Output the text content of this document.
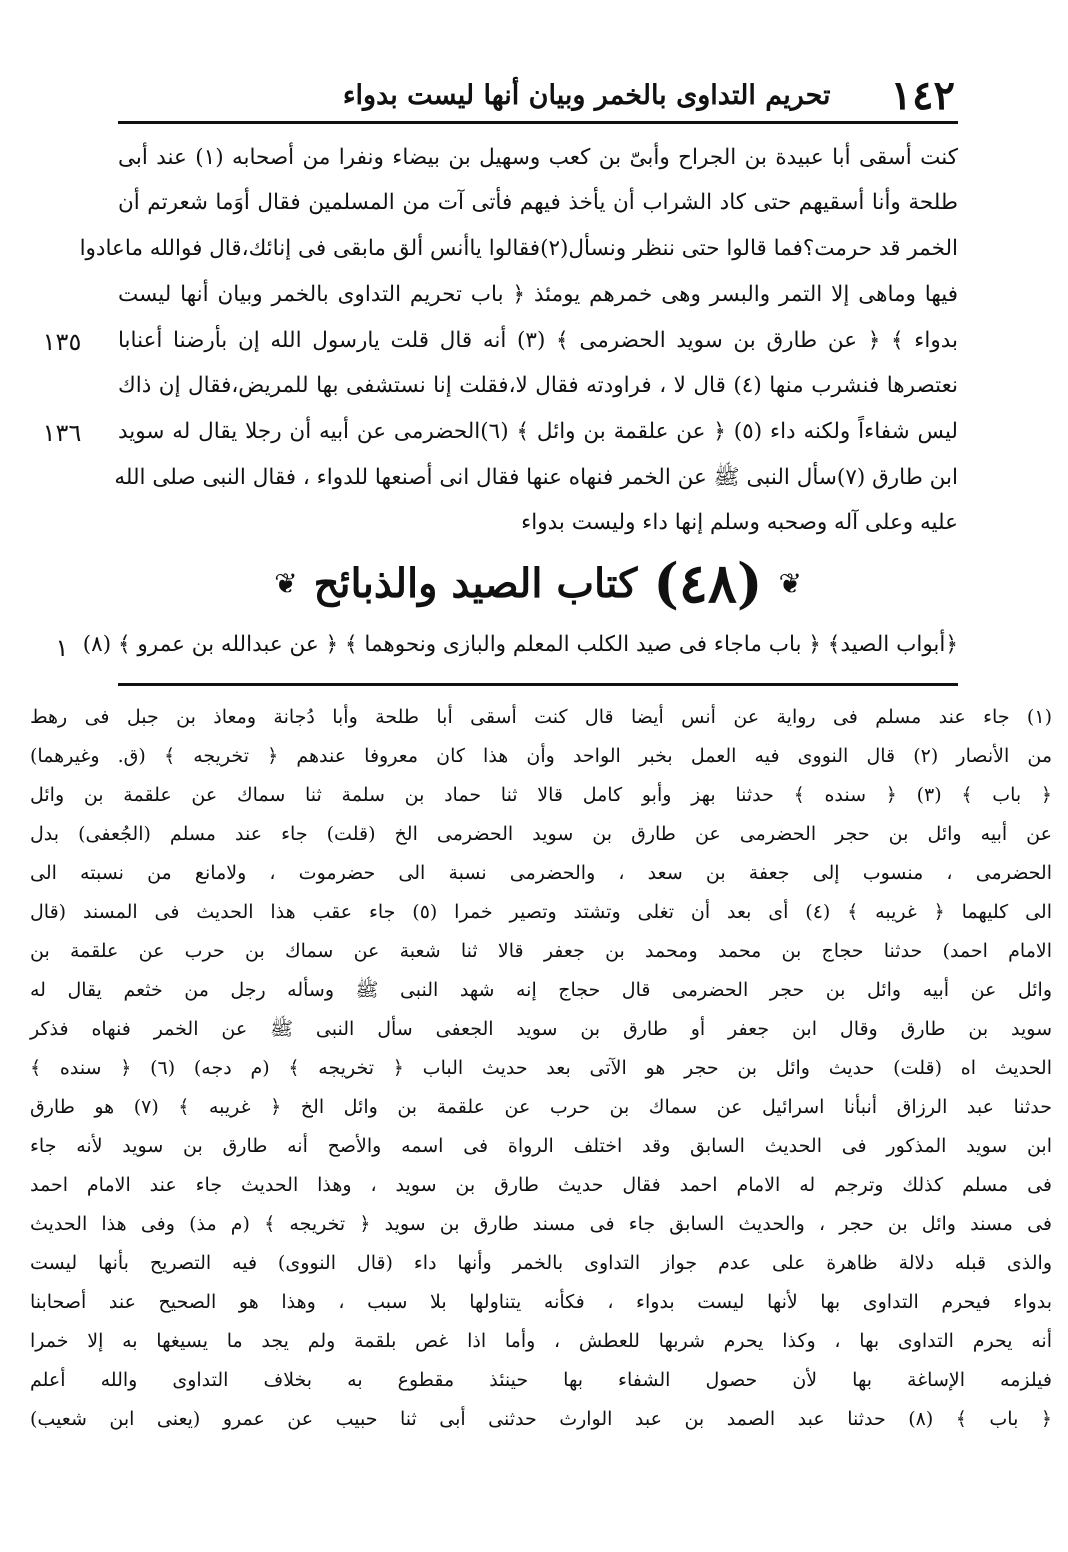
١٤٢
تحريم التداوى بالخمر وبيان أنها ليست بدواء
كنت أسقى أبا عبيدة بن الجراح وأبىّ بن كعب وسهيل بن بيضاء ونفرا من أصحابه (١) عند أبى
طلحة وأنا أسقيهم حتى كاد الشراب أن يأخذ فيهم فأتى آت من المسلمين فقال أوَما شعرتم أن
الخمر قد حرمت؟فما قالوا حتى ننظر ونسأل(٢)فقالوا ياأنس ألق مابقى فى إنائك،قال فوالله ماعادوا
فيها وماهى إلا التمر والبسر وهى خمرهم يومئذ ﴿ باب تحريم التداوى بالخمر وبيان أنها ليست
بدواء ﴾ ﴿ عن طارق بن سويد الحضرمى ﴾ (٣) أنه قال قلت يارسول الله إن بأرضنا أعنابا
نعتصرها فنشرب منها (٤) قال لا ، فراودته فقال لا،فقلت إنا نستشفى بها للمريض،فقال إن ذاك
ليس شفاءاً ولكنه داء (٥) ﴿ عن علقمة بن وائل ﴾ (٦)الحضرمى عن أبيه أن رجلا يقال له سويد
ابن طارق (٧)سأل النبى ﷺ عن الخمر فنهاه عنها فقال انى أصنعها للدواء ، فقال النبى صلى الله
عليه وعلى آله وصحبه وسلم إنها داء وليست بدواء
١٣٥
١٣٦
١
❦
(٤٨)
كتاب الصيد والذبائح
❦
﴿أبواب الصيد﴾ ﴿ باب ماجاء فى صيد الكلب المعلم والبازى ونحوهما ﴾ ﴿ عن عبدالله بن عمرو ﴾ (٨)
(١) جاء عند مسلم فى رواية عن أنس أيضا قال كنت أسقى أبا طلحة وأبا دُجانة ومعاذ بن جبل فى رهط
من الأنصار (٢) قال النووى فيه العمل بخبر الواحد وأن هذا كان معروفا عندهم ﴿ تخريجه ﴾ (ق. وغيرهما)
﴿ باب ﴾ (٣) ﴿ سنده ﴾ حدثنا بهز وأبو كامل قالا ثنا حماد بن سلمة ثنا سماك عن علقمة بن وائل
عن أبيه وائل بن حجر الحضرمى عن طارق بن سويد الحضرمى الخ (قلت) جاء عند مسلم (الجُعفى) بدل
الحضرمى ، منسوب إلى جعفة بن سعد ، والحضرمى نسبة الى حضرموت ، ولامانع من نسبته الى
الى كليهما ﴿ غريبه ﴾ (٤) أى بعد أن تغلى وتشتد وتصير خمرا (٥) جاء عقب هذا الحديث فى المسند (قال
الامام احمد) حدثنا حجاج بن محمد ومحمد بن جعفر قالا ثنا شعبة عن سماك بن حرب عن علقمة بن
وائل عن أبيه وائل بن حجر الحضرمى قال حجاج إنه شهد النبى ﷺ وسأله رجل من خثعم يقال له
سويد بن طارق وقال ابن جعفر أو طارق بن سويد الجعفى سأل النبى ﷺ عن الخمر فنهاه فذكر
الحديث اه (قلت) حديث وائل بن حجر هو الآتى بعد حديث الباب ﴿ تخريجه ﴾ (م دجه) (٦) ﴿ سنده ﴾
حدثنا عبد الرزاق أنبأنا اسرائيل عن سماك بن حرب عن علقمة بن وائل الخ ﴿ غريبه ﴾ (٧) هو طارق
ابن سويد المذكور فى الحديث السابق وقد اختلف الرواة فى اسمه والأصح أنه طارق بن سويد لأنه جاء
فى مسلم كذلك وترجم له الامام احمد فقال حديث طارق بن سويد ، وهذا الحديث جاء عند الامام احمد
فى مسند وائل بن حجر ، والحديث السابق جاء فى مسند طارق بن سويد ﴿ تخريجه ﴾ (م مذ) وفى هذا الحديث
والذى قبله دلالة ظاهرة على عدم جواز التداوى بالخمر وأنها داء (قال النووى) فيه التصريح بأنها ليست
بدواء فيحرم التداوى بها لأنها ليست بدواء ، فكأنه يتناولها بلا سبب ، وهذا هو الصحيح عند أصحابنا
أنه يحرم التداوى بها ، وكذا يحرم شربها للعطش ، وأما اذا غص بلقمة ولم يجد ما يسيغها به إلا خمرا
فيلزمه الإساغة بها لأن حصول الشفاء بها حينئذ مقطوع به بخلاف التداوى والله أعلم
﴿ باب ﴾ (٨) حدثنا عبد الصمد بن عبد الوارث حدثنى أبى ثنا حبيب عن عمرو (يعنى ابن شعيب)
